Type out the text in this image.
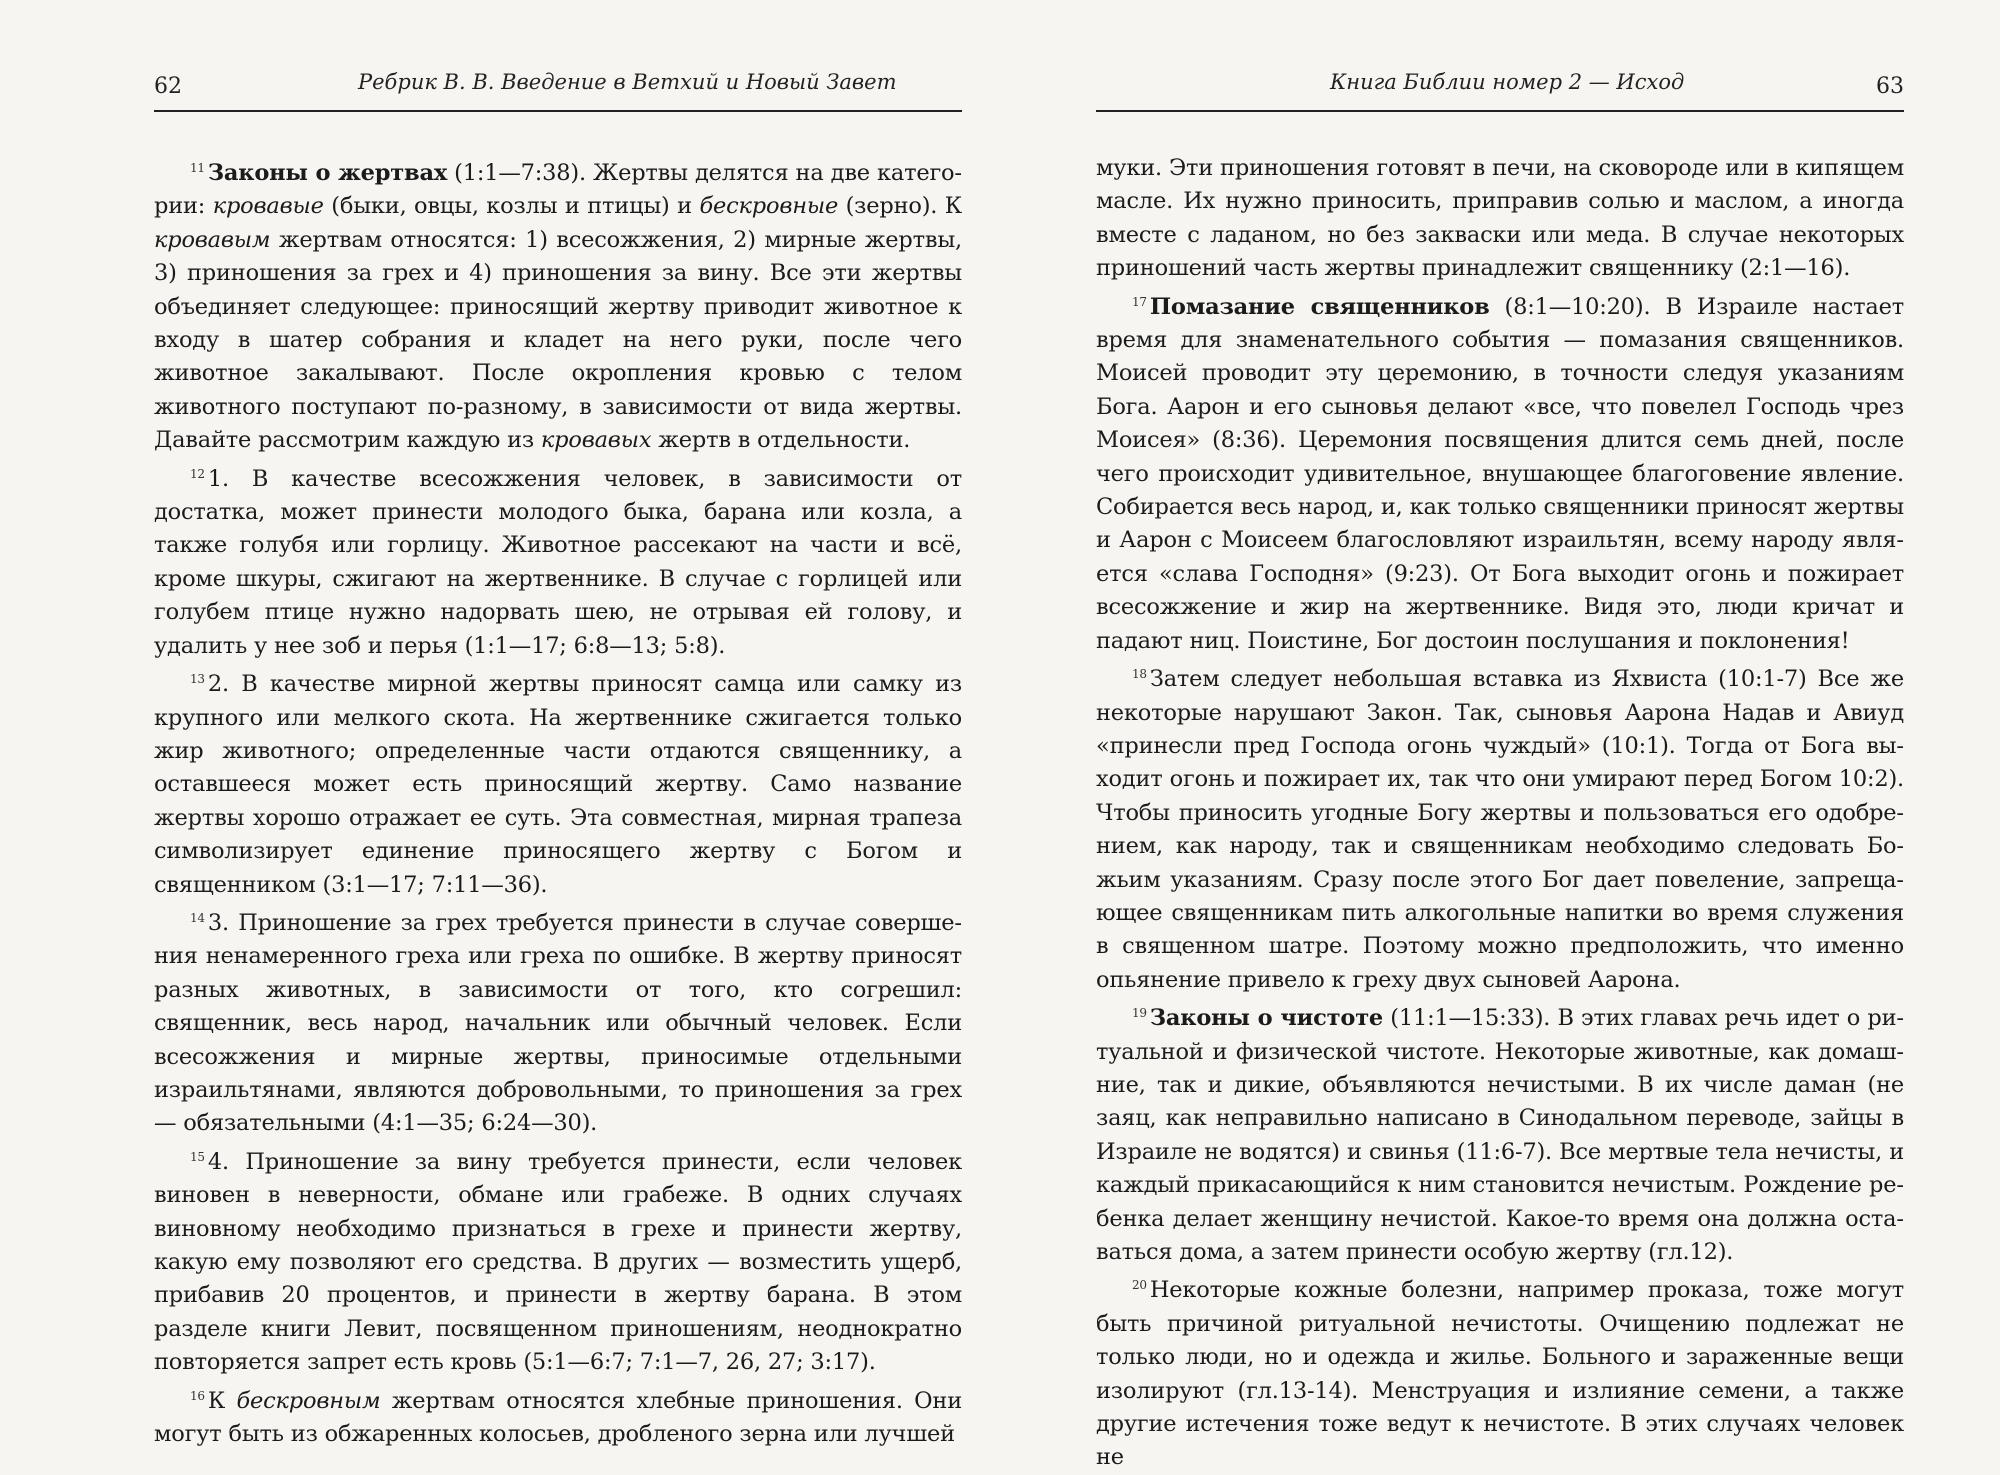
62	Ребрик В. В. Введение в Ветхий и Новый Завет

$^{11}$ Законы о жертвах (1:1—7:38). Жертвы делятся на две категории: кровавые (быки, овцы, козлы и птицы) и бескровные (зерно). К кровавым жертвам относятся: 1) всесожжения, 2) мирные жертвы, 3) приношения за грех и 4) приношения за вину. Все эти жертвы объединяет следующее: приносящий жертву приводит животное к входу в шатер собрания и кладет на него руки, после чего животное закалывают. После окропления кровью с телом животного поступают по-разному, в зависимости от вида жертвы. Давайте рассмотрим каждую из кровавых жертв в отдельности.

$^{12}$ 1. В качестве всесожжения человек, в зависимости от достатка, может принести молодого быка, барана или козла, а также голубя или горлицу. Животное рассекают на части и всё, кроме шкуры, сжигают на жертвеннике. В случае с горлицей или голубем птице нужно надорвать шею, не отрывая ей голову, и удалить у нее зоб и перья (1:1—17; 6:8—13; 5:8).

$^{13}$ 2. В качестве мирной жертвы приносят самца или самку из крупного или мелкого скота. На жертвеннике сжигается только жир животного; определенные части отдаются священнику, а оставшееся может есть приносящий жертву. Само название жертвы хорошо отражает ее суть. Эта совместная, мирная трапеза символизирует единение приносящего жертву с Богом и священником (3:1—17; 7:11—36).

$^{14}$ 3. Приношение за грех требуется принести в случае совершения ненамеренного греха или греха по ошибке. В жертву приносят разных животных, в зависимости от того, кто согрешил: священник, весь народ, начальник или обычный человек. Если всесожжения и мирные жертвы, приносимые отдельными израильтянами, являются добровольными, то приношения за грех — обязательными (4:1—35; 6:24—30).

$^{15}$ 4. Приношение за вину требуется принести, если человек виновен в неверности, обмане или грабеже. В одних случаях виновному необходимо признаться в грехе и принести жертву, какую ему позволяют его средства. В других — возместить ущерб, прибавив 20 процентов, и принести в жертву барана. В этом разделе книги Левит, посвященном приношениям, неоднократно повторяется запрет есть кровь (5:1—6:7; 7:1—7, 26, 27; 3:17).

$^{16}$ К бескровным жертвам относятся хлебные приношения. Они могут быть из обжаренных колосьев, дробленого зерна или лучшей

Книга Библии номер 2 — Исход	63

муки. Эти приношения готовят в печи, на сковороде или в кипящем масле. Их нужно приносить, приправив солью и маслом, а иногда вместе с ладаном, но без закваски или меда. В случае некоторых приношений часть жертвы принадлежит священнику (2:1—16).

$^{17}$ Помазание священников (8:1—10:20). В Израиле настает время для знаменательного события — помазания священников. Моисей проводит эту церемонию, в точности следуя указаниям Бога. Аарон и его сыновья делают «все, что повелел Господь чрез Моисея» (8:36). Церемония посвящения длится семь дней, после чего происходит удивительное, внушающее благоговение явление. Собирается весь народ, и, как только священники приносят жертвы и Аарон с Моисеем благословляют израильтян, всему народу является «слава Господня» (9:23). От Бога выходит огонь и пожирает всесожжение и жир на жертвеннике. Видя это, люди кричат и падают ниц. Поистине, Бог достоин послушания и поклонения!

$^{18}$ Затем следует небольшая вставка из Яхвиста (10:1-7) Все же некоторые нарушают Закон. Так, сыновья Аарона Надав и Авиуд «принесли пред Господа огонь чуждый» (10:1). Тогда от Бога выходит огонь и пожирает их, так что они умирают перед Богом 10:2). Чтобы приносить угодные Богу жертвы и пользоваться его одобрением, как народу, так и священникам необходимо следовать Божьим указаниям. Сразу после этого Бог дает повеление, запрещающее священникам пить алкогольные напитки во время служения в священном шатре. Поэтому можно предположить, что именно опьянение привело к греху двух сыновей Аарона.

$^{19}$ Законы о чистоте (11:1—15:33). В этих главах речь идет о ритуальной и физической чистоте. Некоторые животные, как домашние, так и дикие, объявляются нечистыми. В их числе даман (не заяц, как неправильно написано в Синодальном переводе, зайцы в Израиле не водятся) и свинья (11:6-7). Все мертвые тела нечисты, и каждый прикасающийся к ним становится нечистым. Рождение ребенка делает женщину нечистой. Какое-то время она должна оставаться дома, а затем принести особую жертву (гл.12).

$^{20}$ Некоторые кожные болезни, например проказа, тоже могут быть причиной ритуальной нечистоты. Очищению подлежат не только люди, но и одежда и жилье. Больного и зараженные вещи изолируют (гл.13-14). Менструация и излияние семени, а также другие истечения тоже ведут к нечистоте. В этих случаях человек не
